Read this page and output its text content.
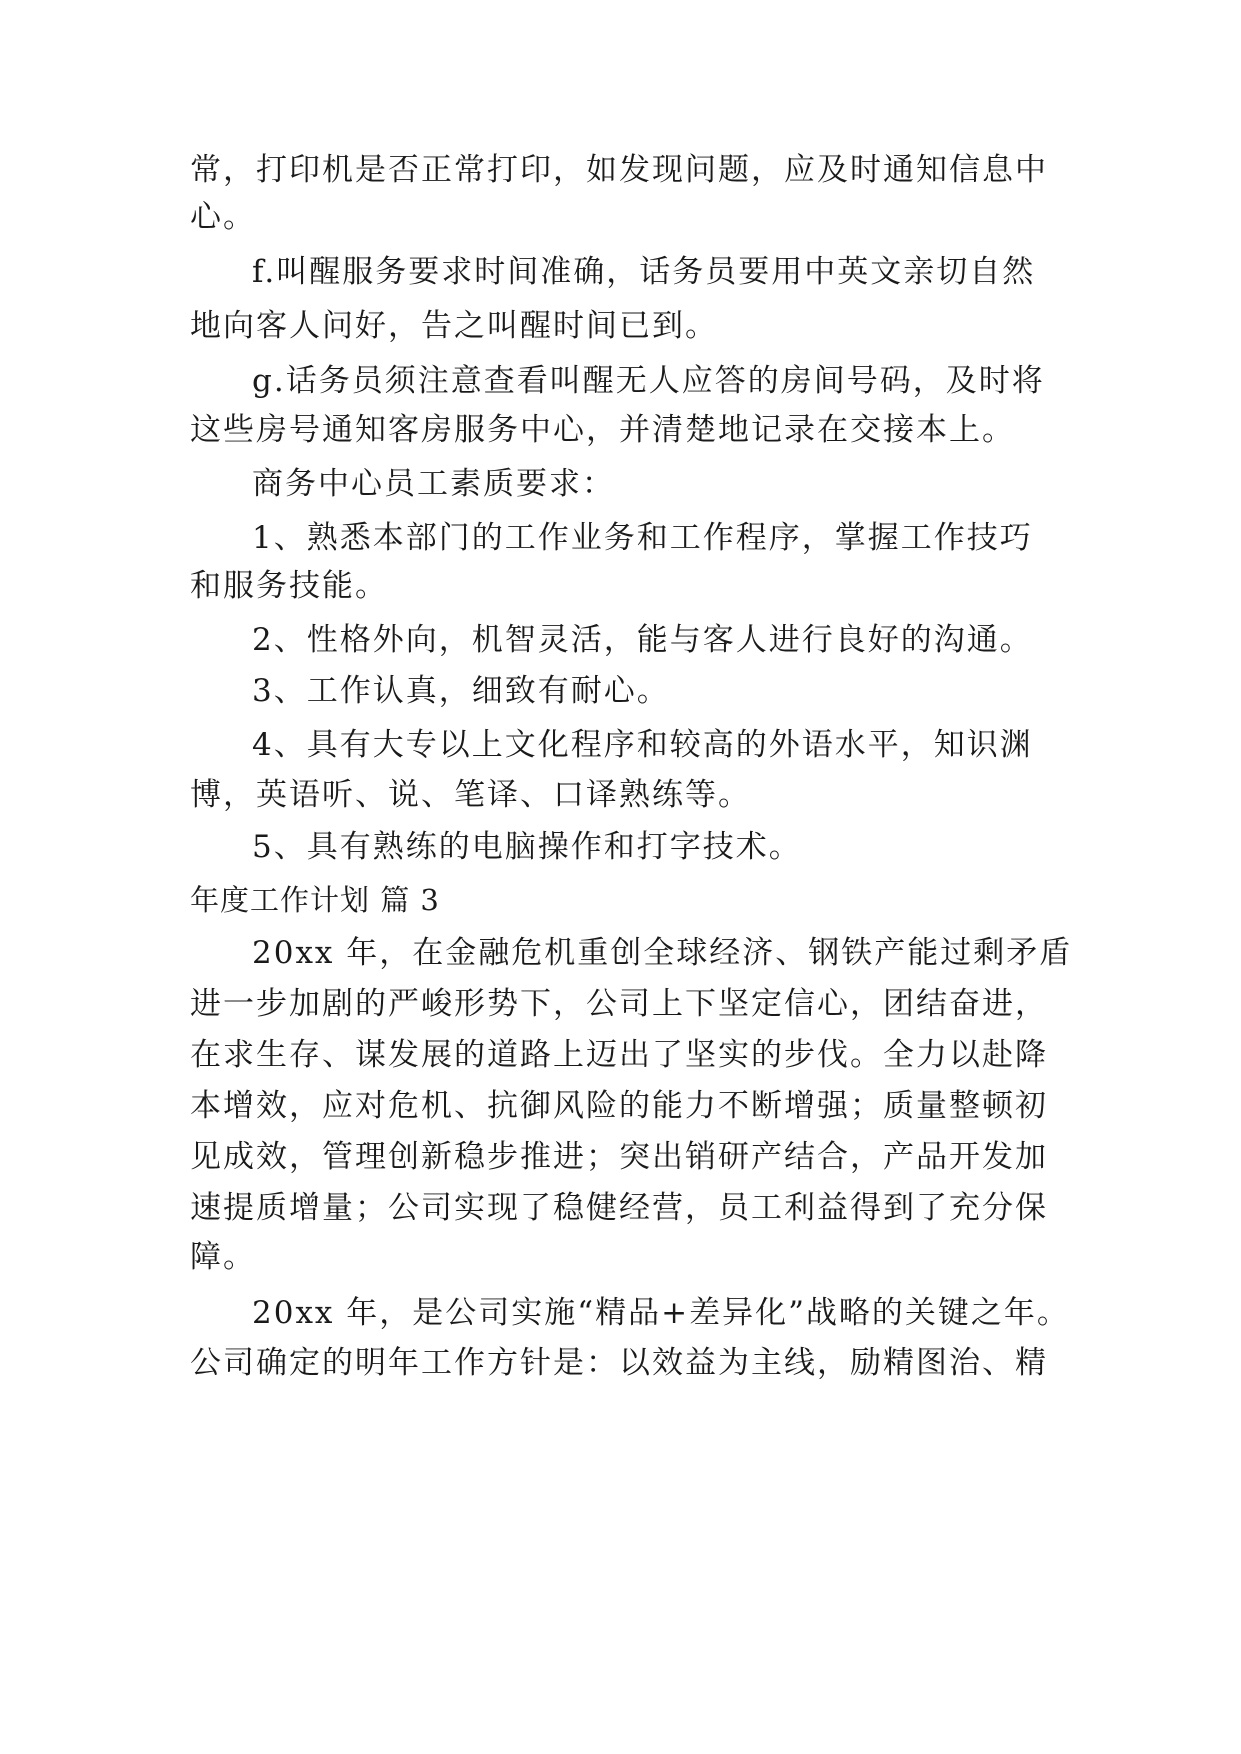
常，打印机是否正常打印，如发现问题，应及时通知信息中
心。
f.叫醒服务要求时间准确，话务员要用中英文亲切自然
地向客人问好，告之叫醒时间已到。
g.话务员须注意查看叫醒无人应答的房间号码，及时将
这些房号通知客房服务中心，并清楚地记录在交接本上。
商务中心员工素质要求：
1、熟悉本部门的工作业务和工作程序，掌握工作技巧
和服务技能。
2、性格外向，机智灵活，能与客人进行良好的沟通。
3、工作认真，细致有耐心。
4、具有大专以上文化程序和较高的外语水平，知识渊
博，英语听、说、笔译、口译熟练等。
5、具有熟练的电脑操作和打字技术。
年度工作计划 篇 3
20xx 年，在金融危机重创全球经济、钢铁产能过剩矛盾
进一步加剧的严峻形势下，公司上下坚定信心，团结奋进，
在求生存、谋发展的道路上迈出了坚实的步伐。全力以赴降
本增效，应对危机、抗御风险的能力不断增强；质量整顿初
见成效，管理创新稳步推进；突出销研产结合，产品开发加
速提质增量；公司实现了稳健经营，员工利益得到了充分保
障。
20xx 年，是公司实施“精品+差异化”战略的关键之年。
公司确定的明年工作方针是：以效益为主线，励精图治、精
